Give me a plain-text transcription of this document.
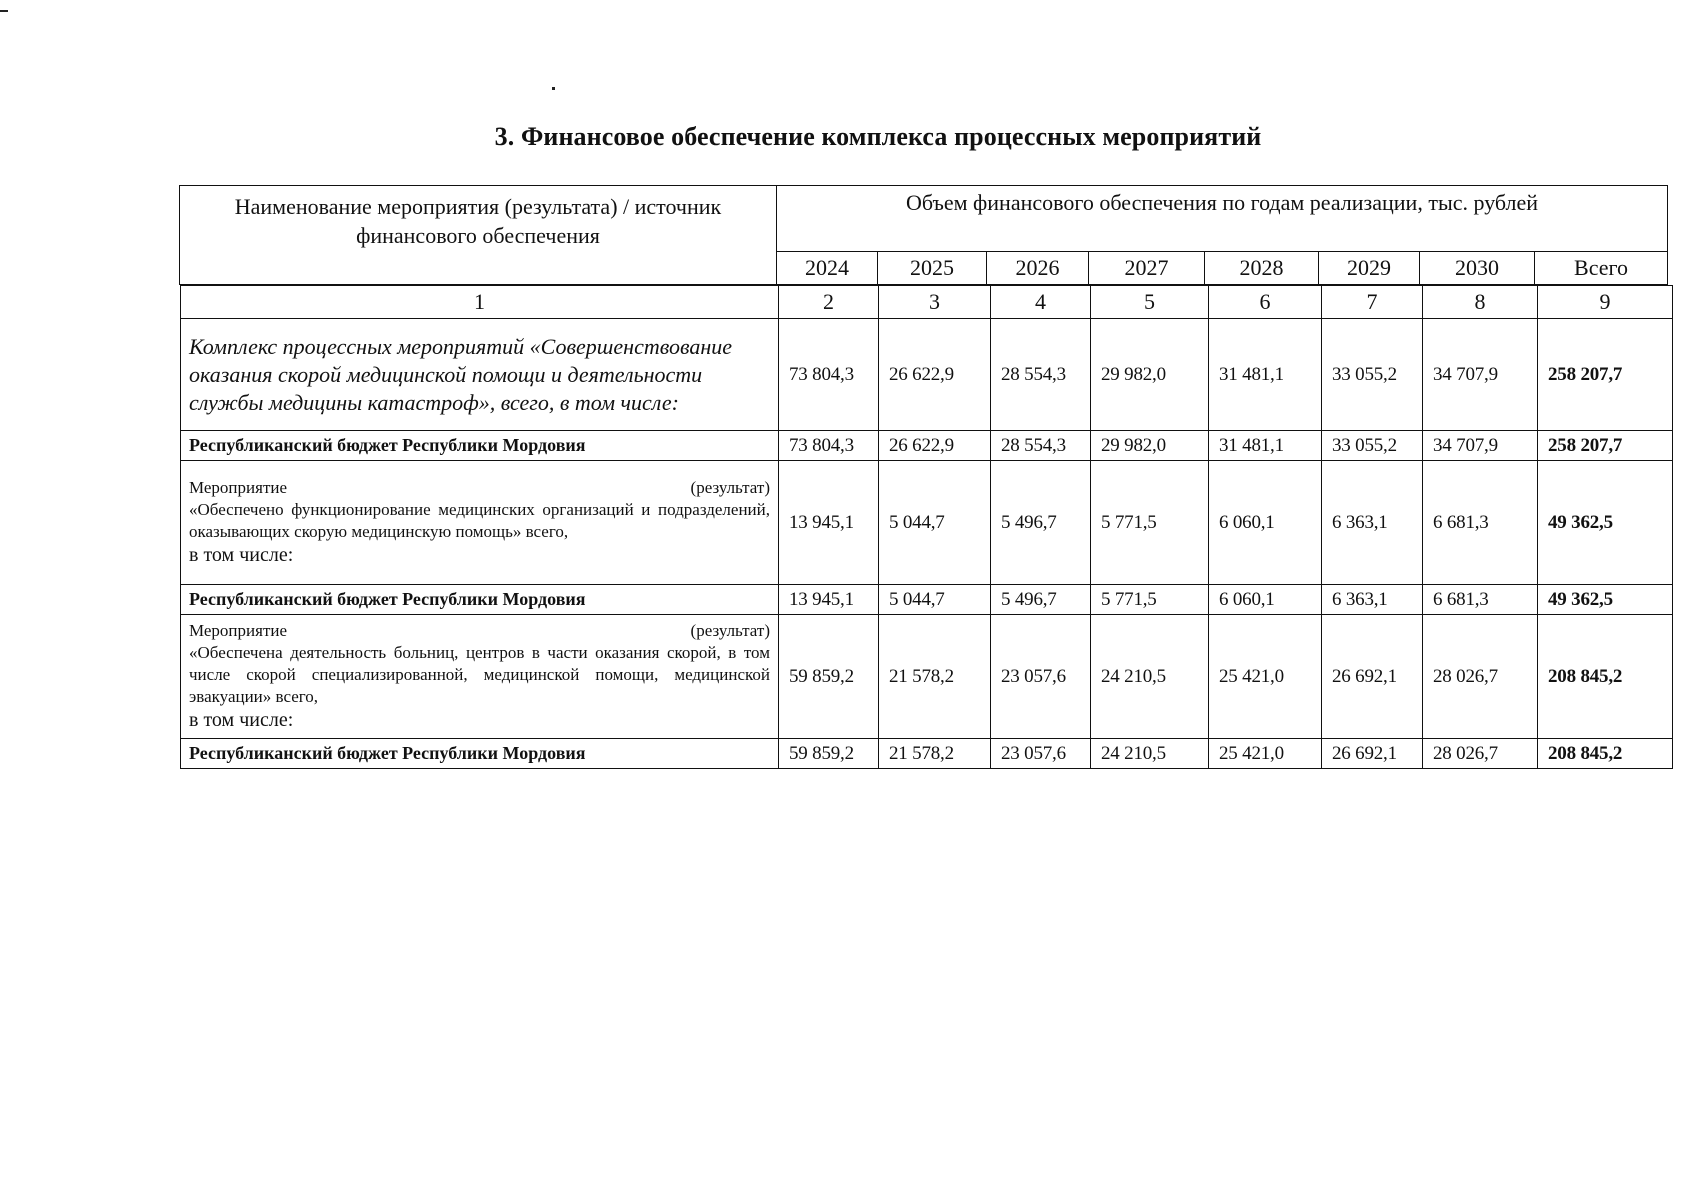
3. Финансовое обеспечение комплекса процессных мероприятий
Наименование мероприятия (результата) / источник финансового обеспечения	Объем финансового обеспечения по годам реализации, тыс. рублей							
	2024	2025	2026	2027	2028	2029	2030	Всего
1	2	3	4	5	6	7	8	9
Комплекс процессных мероприятий «Совершенствование оказания скорой медицинской помощи и деятельности службы медицины катастроф», всего, в том числе:	73 804,3	26 622,9	28 554,3	29 982,0	31 481,1	33 055,2	34 707,9	258 207,7
Республиканский бюджет Республики Мордовия	73 804,3	26 622,9	28 554,3	29 982,0	31 481,1	33 055,2	34 707,9	258 207,7

Мероприятие (результат)
«Обеспечено функционирование медицинских организаций и подразделений, оказывающих скорую медицинскую помощь» всего,
в том числе:	13 945,1	5 044,7	5 496,7	5 771,5	6 060,1	6 363,1	6 681,3	49 362,5
Республиканский бюджет Республики Мордовия	13 945,1	5 044,7	5 496,7	5 771,5	6 060,1	6 363,1	6 681,3	49 362,5

Мероприятие (результат)
«Обеспечена деятельность больниц, центров в части оказания скорой, в том числе скорой специализированной, медицинской помощи, медицинской эвакуации» всего,
в том числе:	59 859,2	21 578,2	23 057,6	24 210,5	25 421,0	26 692,1	28 026,7	208 845,2
Республиканский бюджет Республики Мордовия	59 859,2	21 578,2	23 057,6	24 210,5	25 421,0	26 692,1	28 026,7	208 845,2
